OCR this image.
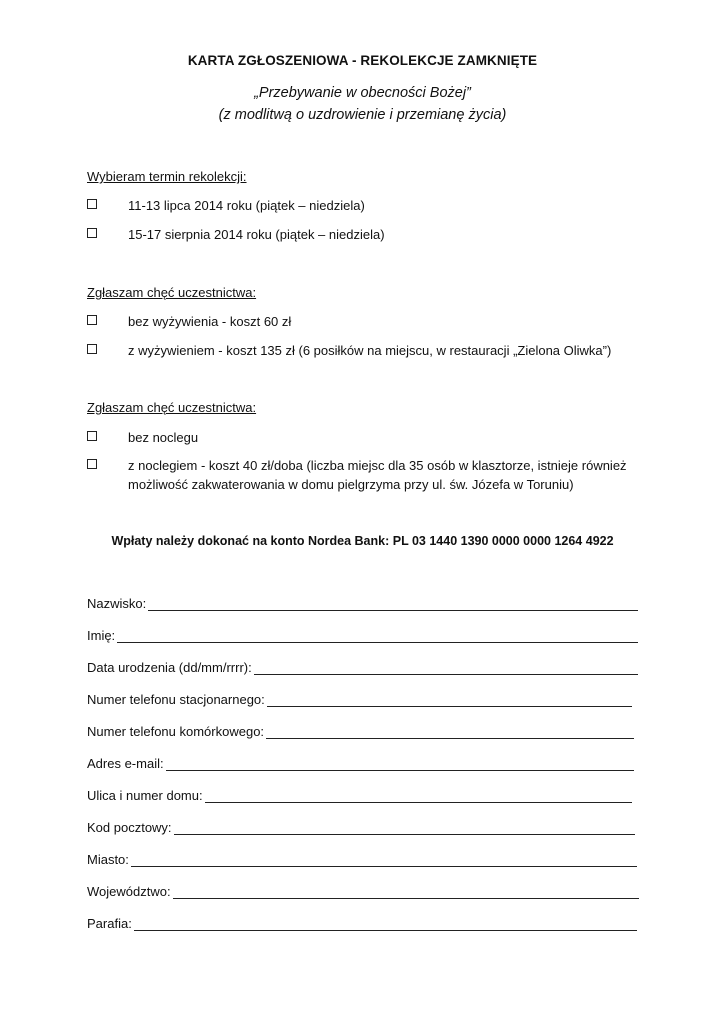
KARTA ZGŁOSZENIOWA - REKOLEKCJE ZAMKNIĘTE
„Przebywanie w obecności Bożej”
(z modlitwą o uzdrowienie i przemianę życia)
Wybieram termin rekolekcji:
11-13 lipca 2014 roku (piątek – niedziela)
15-17 sierpnia 2014 roku (piątek – niedziela)
Zgłaszam chęć uczestnictwa:
bez wyżywienia - koszt 60 zł
z wyżywieniem - koszt 135 zł (6 posiłków na miejscu, w restauracji „Zielona Oliwka”)
Zgłaszam chęć uczestnictwa:
bez noclegu
z noclegiem - koszt 40 zł/doba (liczba miejsc dla 35 osób w klasztorze, istnieje również możliwość zakwaterowania w domu pielgrzyma przy ul. św. Józefa w Toruniu)
Wpłaty należy dokonać na konto Nordea Bank: PL 03 1440 1390 0000 0000 1264 4922
Nazwisko:
Imię:
Data urodzenia (dd/mm/rrrr):
Numer telefonu stacjonarnego:
Numer telefonu komórkowego:
Adres e-mail:
Ulica i numer domu:
Kod pocztowy:
Miasto:
Województwo:
Parafia:
